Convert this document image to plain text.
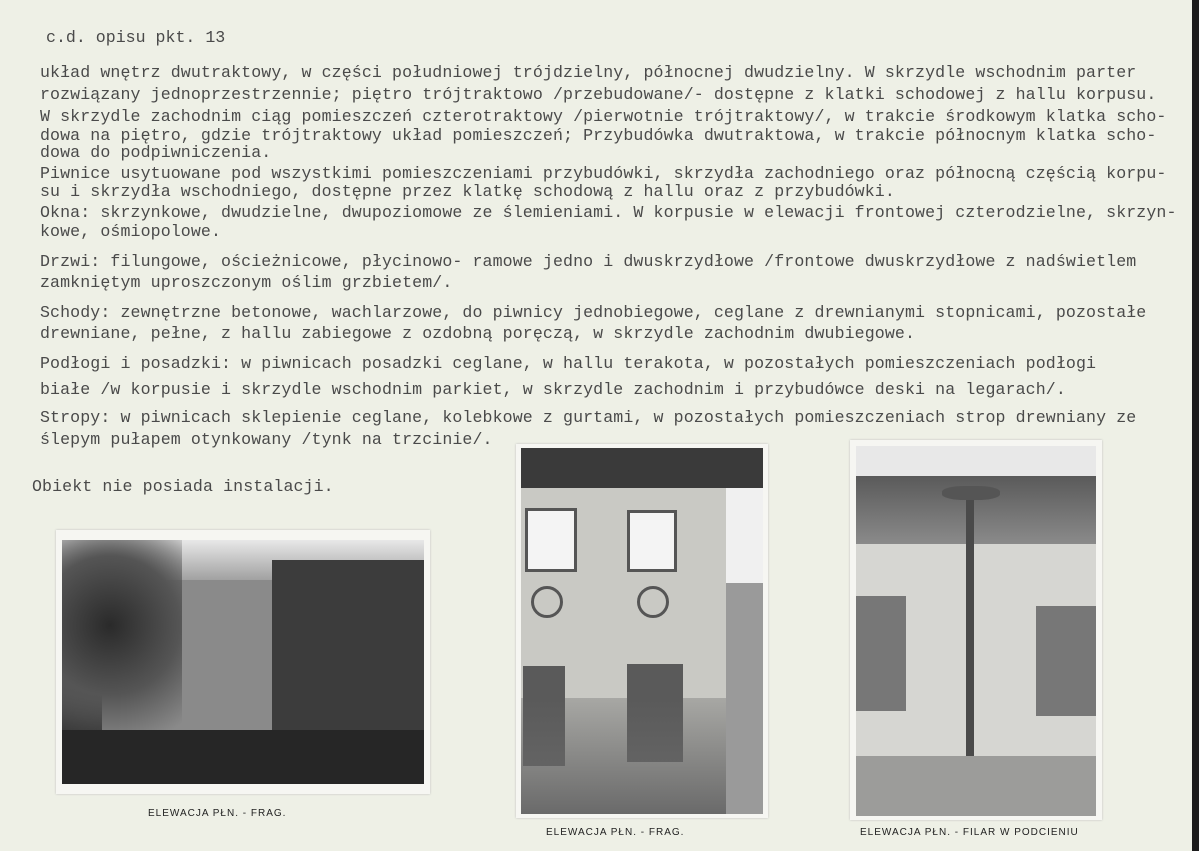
c.d. opisu pkt. 13
układ wnętrz dwutraktowy, w części południowej trójdzielny, północnej dwudzielny. W skrzydle wschodnim parter
rozwiązany jednoprzestrzennie; piętro trójtraktowo /przebudowane/- dostępne z klatki schodowej z hallu korpusu.
W skrzydle zachodnim ciąg pomieszczeń czterotraktowy /pierwotnie trójtraktowy/, w trakcie środkowym klatka scho-
dowa na piętro, gdzie trójtraktowy układ pomieszczeń; Przybudówka dwutraktowa, w trakcie północnym klatka scho-
dowa do podpiwniczenia.
Piwnice usytuowane pod wszystkimi pomieszczeniami przybudówki, skrzydła zachodniego oraz północną częścią korpu-
su i skrzydła wschodniego, dostępne przez klatkę schodową z hallu oraz z przybudówki.
Okna: skrzynkowe, dwudzielne, dwupoziomowe ze ślemieniami. W korpusie w elewacji frontowej czterodzielne, skrzyn-
kowe, ośmiopolowe.
Drzwi: filungowe, ościeżnicowe, płycinowo- ramowe jedno i dwuskrzydłowe /frontowe dwuskrzydłowe z nadświetlem
zamkniętym uproszczonym oślim grzbietem/.
Schody: zewnętrzne betonowe, wachlarzowe, do piwnicy jednobiegowe, ceglane z drewnianymi stopnicami, pozostałe
drewniane, pełne, z hallu zabiegowe z ozdobną poręczą, w skrzydle zachodnim dwubiegowe.
Podłogi i posadzki: w piwnicach posadzki ceglane, w hallu terakota, w pozostałych pomieszczeniach podłogi
białe /w korpusie i skrzydle wschodnim parkiet, w skrzydle zachodnim i przybudówce deski na legarach/.
Stropy: w piwnicach sklepienie ceglane, kolebkowe z gurtami, w pozostałych pomieszczeniach strop drewniany ze
ślepym pułapem otynkowany /tynk na trzcinie/.
Obiekt nie posiada instalacji.
ELEWACJA PŁN. - FRAG.
ELEWACJA PŁN. - FRAG.	ELEWACJA PŁN. - FILAR W PODCIENIU
